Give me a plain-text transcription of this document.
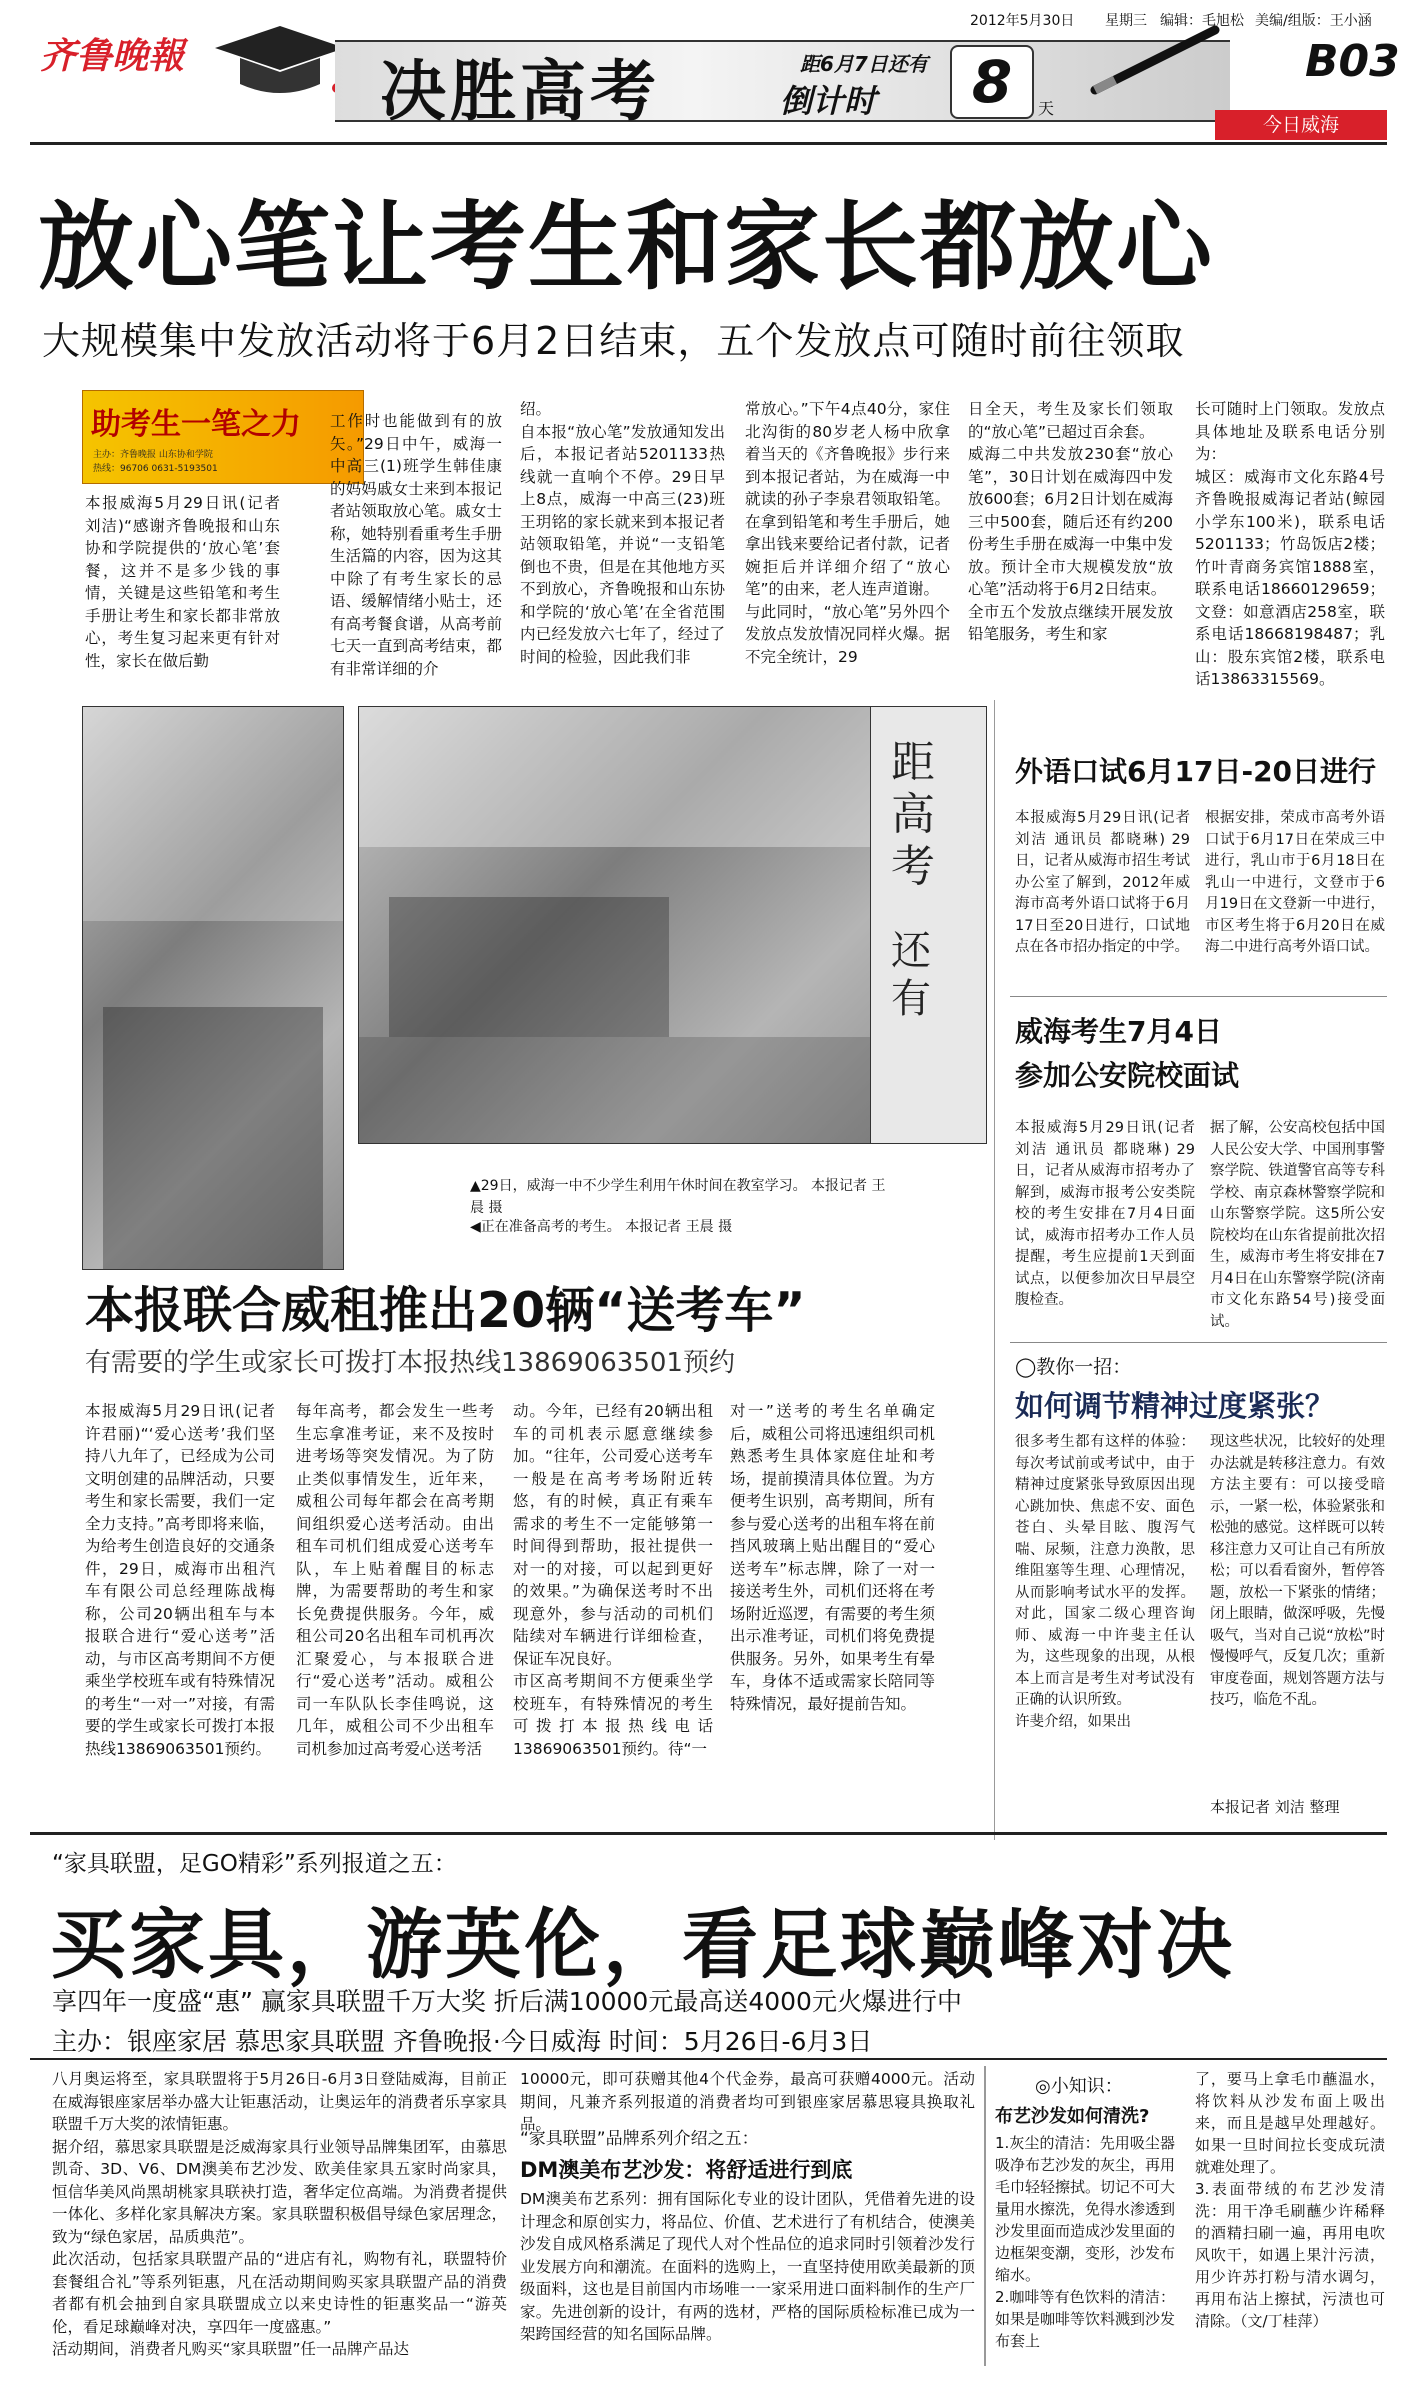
齐鲁晚報	决胜高考	距6月7日还有
倒计时	8	天
2012年5月30日 星期三 编辑：毛旭松 美编/组版：王小涵
B03
今日威海
放心笔让考生和家长都放心
大规模集中发放活动将于6月2日结束，五个发放点可随时前往领取
助考生一笔之力
主办：齐鲁晚报 山东协和学院
热线：96706 0631-5193501
本报威海5月29日讯(记者 刘洁)“感谢齐鲁晚报和山东协和学院提供的‘放心笔’套餐，这并不是多少钱的事情，关键是这些铅笔和考生手册让考生和家长都非常放心，考生复习起来更有针对性，家长在做后勤
工作时也能做到有的放矢。”29日中午，威海一中高三(1)班学生韩佳康的妈妈戚女士来到本报记者站领取放心笔。戚女士称，她特别看重考生手册生活篇的内容，因为这其中除了有考生家长的忌语、缓解情绪小贴士，还有高考餐食谱，从高考前七天一直到高考结束，都有非常详细的介
绍。
自本报“放心笔”发放通知发出后，本报记者站5201133热线就一直响个不停。29日早上8点，威海一中高三(23)班王玥铭的家长就来到本报记者站领取铅笔，并说“一支铅笔倒也不贵，但是在其他地方买不到放心，齐鲁晚报和山东协和学院的‘放心笔’在全省范围内已经发放六七年了，经过了时间的检验，因此我们非
常放心。”下午4点40分，家住北沟街的80岁老人杨中欣拿着当天的《齐鲁晚报》步行来到本报记者站，为在威海一中就读的孙子李泉君领取铅笔。在拿到铅笔和考生手册后，她拿出钱来要给记者付款，记者婉拒后并详细介绍了“放心笔”的由来，老人连声道谢。
与此同时，“放心笔”另外四个发放点发放情况同样火爆。据不完全统计，29
日全天，考生及家长们领取的“放心笔”已超过百余套。
威海二中共发放230套“放心笔”，30日计划在威海四中发放600套；6月2日计划在威海三中500套，随后还有约200份考生手册在威海一中集中发放。预计全市大规模发放“放心笔”活动将于6月2日结束。
全市五个发放点继续开展发放铅笔服务，考生和家
长可随时上门领取。发放点具体地址及联系电话分别为：
城区：威海市文化东路4号齐鲁晚报威海记者站(鲸园小学东100米)，联系电话5201133；竹岛饭店2楼；竹叶青商务宾馆1888室，联系电话18660129659；文登：如意酒店258室，联系电话18668198487；乳山：股东宾馆2楼，联系电话13863315569。
距高考
还有
▲29日，威海一中不少学生利用午休时间在教室学习。 本报记者 王晨 摄
◀正在准备高考的考生。 本报记者 王晨 摄
本报联合威租推出20辆“送考车”
有需要的学生或家长可拨打本报热线13869063501预约
本报威海5月29日讯(记者 许君丽)“‘爱心送考’我们坚持八九年了，已经成为公司文明创建的品牌活动，只要考生和家长需要，我们一定全力支持。”高考即将来临，为给考生创造良好的交通条件，29日，威海市出租汽车有限公司总经理陈战梅称，公司20辆出租车与本报联合进行“爱心送考”活动，与市区高考期间不方便乘坐学校班车或有特殊情况的考生“一对一”对接，有需要的学生或家长可拨打本报热线13869063501预约。
每年高考，都会发生一些考生忘拿准考证，来不及按时进考场等突发情况。为了防止类似事情发生，近年来，威租公司每年都会在高考期间组织爱心送考活动。由出租车司机们组成爱心送考车队，车上贴着醒目的标志牌，为需要帮助的考生和家长免费提供服务。今年，威租公司20名出租车司机再次汇聚爱心，与本报联合进行“爱心送考”活动。威租公司一车队队长李佳鸣说，这几年，威租公司不少出租车司机参加过高考爱心送考活
动。今年，已经有20辆出租车的司机表示愿意继续参加。“往年，公司爱心送考车一般是在高考考场附近转悠，有的时候，真正有乘车需求的考生不一定能够第一时间得到帮助，报社提供一对一的对接，可以起到更好的效果。”为确保送考时不出现意外，参与活动的司机们陆续对车辆进行详细检查，保证车况良好。
市区高考期间不方便乘坐学校班车，有特殊情况的考生可拨打本报热线电话13869063501预约。待“一
对一”送考的考生名单确定后，威租公司将迅速组织司机熟悉考生具体家庭住址和考场，提前摸清具体位置。为方便考生识别，高考期间，所有参与爱心送考的出租车将在前挡风玻璃上贴出醒目的“爱心送考车”标志牌，除了一对一接送考生外，司机们还将在考场附近巡逻，有需要的考生须出示准考证，司机们将免费提供服务。另外，如果考生有晕车，身体不适或需家长陪同等特殊情况，最好提前告知。
外语口试6月17日-20日进行
本报威海5月29日讯(记者 刘洁 通讯员 都晓琳) 29日，记者从威海市招生考试办公室了解到，2012年威海市高考外语口试将于6月17日至20日进行，口试地点在各市招办指定的中学。
根据安排，荣成市高考外语口试于6月17日在荣成三中进行，乳山市于6月18日在乳山一中进行，文登市于6月19日在文登新一中进行，市区考生将于6月20日在威海二中进行高考外语口试。
威海考生7月4日
参加公安院校面试
本报威海5月29日讯(记者 刘洁 通讯员 都晓琳) 29日，记者从威海市招考办了解到，威海市报考公安类院校的考生安排在7月4日面试，威海市招考办工作人员提醒，考生应提前1天到面试点，以便参加次日早晨空腹检查。
据了解，公安高校包括中国人民公安大学、中国刑事警察学院、铁道警官高等专科学校、南京森林警察学院和山东警察学院。这5所公安院校均在山东省提前批次招生，威海市考生将安排在7月4日在山东警察学院(济南市文化东路54号)接受面试。
◯教你一招：
如何调节精神过度紧张？
很多考生都有这样的体验：每次考试前或考试中，由于精神过度紧张导致原因出现心跳加快、焦虑不安、面色苍白、头晕目眩、腹泻气喘、尿频，注意力涣散，思维阻塞等生理、心理情况，从而影响考试水平的发挥。对此，国家二级心理咨询师、威海一中许斐主任认为，这些现象的出现，从根本上而言是考生对考试没有正确的认识所致。
许斐介绍，如果出
现这些状况，比较好的处理办法就是转移注意力。有效方法主要有：可以接受暗示，一紧一松，体验紧张和松弛的感觉。这样既可以转移注意力又可让自己有所放松；可以看看窗外，暂停答题，放松一下紧张的情绪；闭上眼睛，做深呼吸，先慢吸气，当对自己说“放松”时慢慢呼气，反复几次；重新审度卷面，规划答题方法与技巧，临危不乱。
本报记者 刘洁 整理
“家具联盟，足GO精彩”系列报道之五：
买家具，游英伦，看足球巅峰对决
享四年一度盛“惠” 赢家具联盟千万大奖 折后满10000元最高送4000元火爆进行中
主办：银座家居 慕思家具联盟 齐鲁晚报·今日威海 时间：5月26日-6月3日
八月奥运将至，家具联盟将于5月26日-6月3日登陆威海，目前正在威海银座家居举办盛大让钜惠活动，让奥运年的消费者乐享家具联盟千万大奖的浓情钜惠。
据介绍，慕思家具联盟是泛威海家具行业领导品牌集团军，由慕思凯奇、3D、V6、DM澳美布艺沙发、欧美佳家具五家时尚家具，恒信华美风尚黑胡桃家具联袂打造，奢华定位高端。为消费者提供一体化、多样化家具解决方案。家具联盟积极倡导绿色家居理念，致为“绿色家居，品质典范”。
此次活动，包括家具联盟产品的“进店有礼，购物有礼，联盟特价套餐组合礼”等系列钜惠，凡在活动期间购买家具联盟产品的消费者都有机会抽到自家具联盟成立以来史诗性的钜惠奖品一“游英伦，看足球巅峰对决，享四年一度盛惠。”
活动期间，消费者凡购买“家具联盟”任一品牌产品达
10000元，即可获赠其他4个代金券，最高可获赠4000元。活动期间，凡兼齐系列报道的消费者均可到银座家居慕思寝具换取礼品。
“家具联盟”品牌系列介绍之五：
DM澳美布艺沙发：将舒适进行到底
DM澳美布艺系列：拥有国际化专业的设计团队，凭借着先进的设计理念和原创实力，将品位、价值、艺术进行了有机结合，使澳美沙发自成风格系满足了现代人对个性品位的追求同时引领着沙发行业发展方向和潮流。在面料的选购上，一直坚持使用欧美最新的顶级面料，这也是目前国内市场唯一一家采用进口面料制作的生产厂家。先进创新的设计，有两的选材，严格的国际质检标准已成为一架跨国经营的知名国际品牌。
◎小知识：
布艺沙发如何清洗?
1.灰尘的清洁：先用吸尘器吸净布艺沙发的灰尘，再用毛巾轻轻擦拭。切记不可大量用水擦洗，免得水渗透到沙发里面而造成沙发里面的边框架变潮，变形，沙发布缩水。
2.咖啡等有色饮料的清洁：如果是咖啡等饮料溅到沙发布套上
了，要马上拿毛巾蘸温水，将饮料从沙发布面上吸出来，而且是越早处理越好。如果一旦时间拉长变成玩渍就难处理了。
3.表面带绒的布艺沙发清洗：用干净毛刷蘸少许稀释的酒精扫刷一遍，再用电吹风吹干，如遇上果汁污渍，用少许苏打粉与清水调匀，再用布沾上擦拭，污渍也可清除。（文/丁桂萍）
